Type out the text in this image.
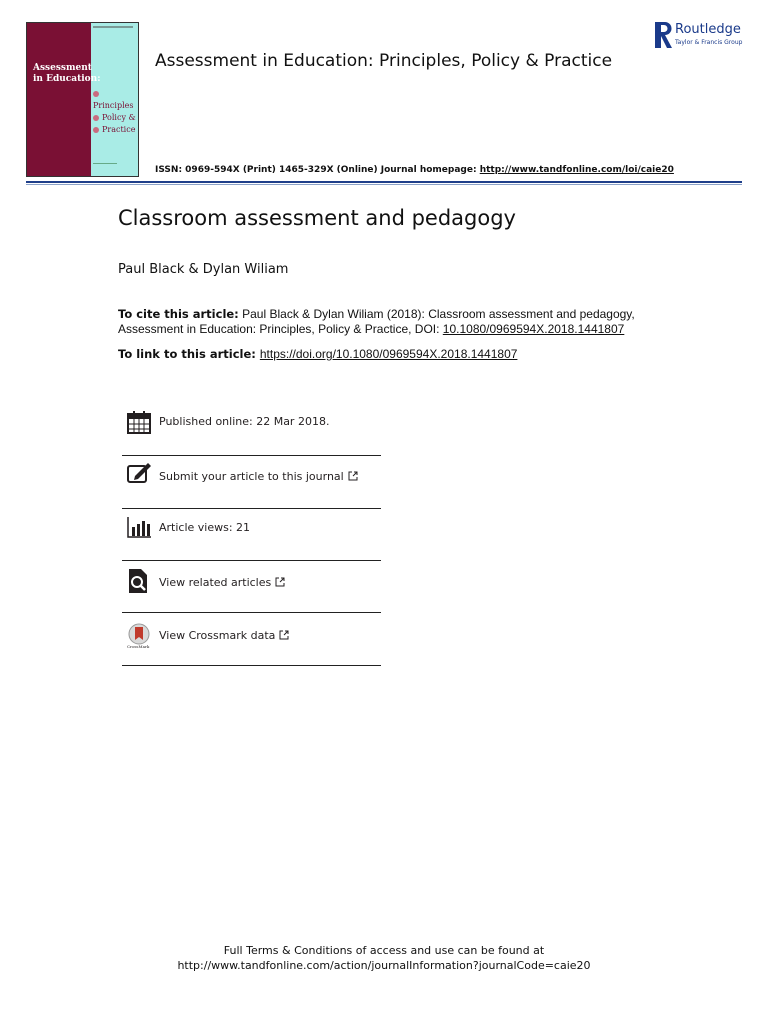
Assessment
in Education:
Principles
Policy &
Practice
Assessment in Education: Principles, Policy & Practice
ISSN: 0969-594X (Print) 1465-329X (Online) Journal homepage: http://www.tandfonline.com/loi/caie20
Routledge
Taylor & Francis Group
Classroom assessment and pedagogy
Paul Black & Dylan Wiliam
To cite this article: Paul Black & Dylan Wiliam (2018): Classroom assessment and pedagogy, Assessment in Education: Principles, Policy & Practice, DOI: 10.1080/0969594X.2018.1441807
To link to this article: https://doi.org/10.1080/0969594X.2018.1441807
Published online: 22 Mar 2018.
Submit your article to this journal
Article views: 21
View related articles
CrossMark
View Crossmark data
Full Terms & Conditions of access and use can be found at
http://www.tandfonline.com/action/journalInformation?journalCode=caie20
